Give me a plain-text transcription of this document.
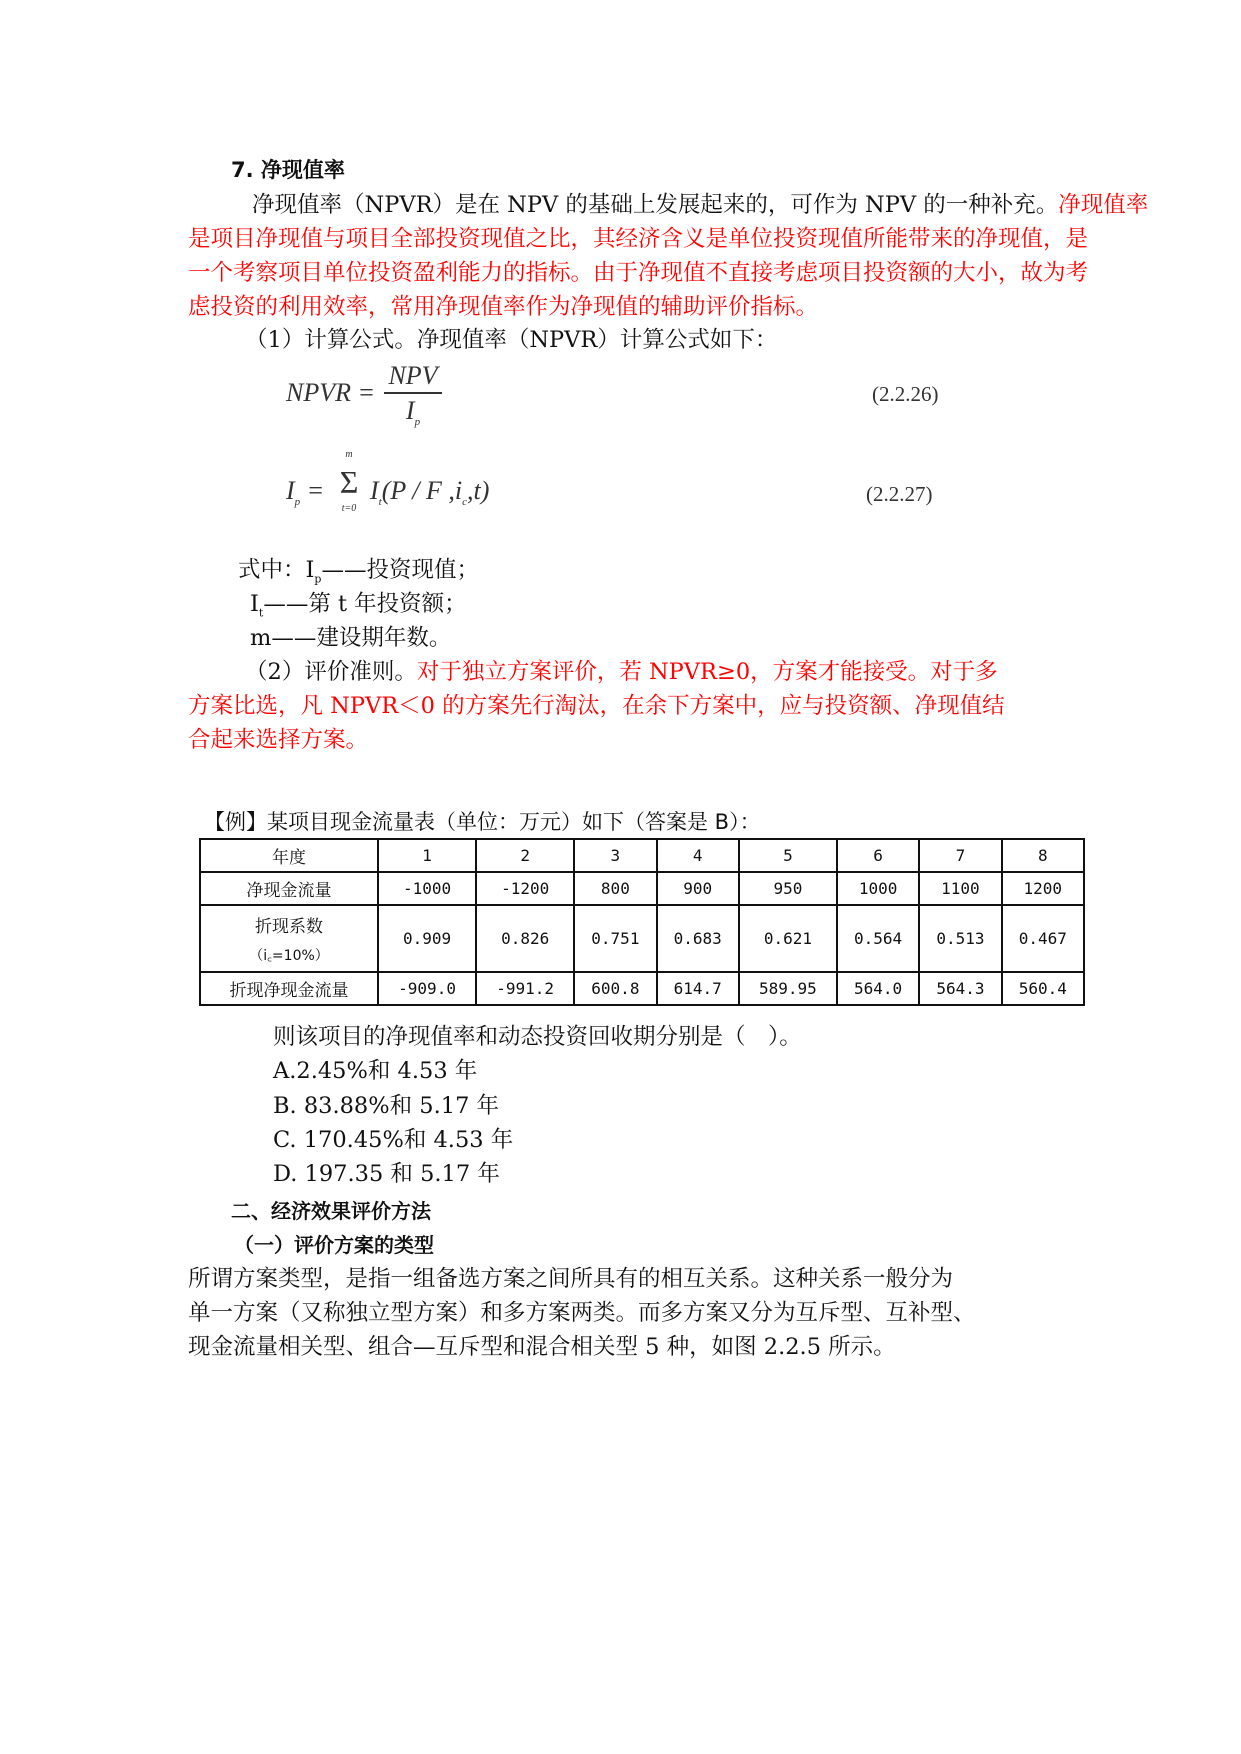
7. 净现值率
净现值率（NPVR）是在 NPV 的基础上发展起来的，可作为 NPV 的一种补充。净现值率
是项目净现值与项目全部投资现值之比，其经济含义是单位投资现值所能带来的净现值，是
一个考察项目单位投资盈利能力的指标。由于净现值不直接考虑项目投资额的大小，故为考
虑投资的利用效率，常用净现值率作为净现值的辅助评价指标。
（1）计算公式。净现值率（NPVR）计算公式如下：
NPVR =
NPV
$I_p$
(2.2.26)
$I_p$ =
m
Σ
t=0
$I_t(P$ / F $,i_c,t$)	(2.2.27)
式中：$I_p——$投资现值；
$I_t——$第 t 年投资额；
m——建设期年数。
（2）评价准则。对于独立方案评价，若 NPVR≥0，方案才能接受。对于多
方案比选，凡 NPVR＜0 的方案先行淘汰，在余下方案中，应与投资额、净现值结
合起来选择方案。
【例】某项目现金流量表（单位：万元）如下（答案是 B）：
年度	1	2	3	4	5	6	7	8
净现金流量	-1000	-1200	800	900	950	1000	1100	1200

折现系数
（i꜀=10%）	0.909	0.826	0.751	0.683	0.621	0.564	0.513	0.467
折现净现金流量	-909.0	-991.2	600.8	614.7	589.95	564.0	564.3	560.4
则该项目的净现值率和动态投资回收期分别是（　）。
A.2.45%和 4.53 年
B. 83.88%和 5.17 年
C. 170.45%和 4.53 年
D. 197.35 和 5.17 年
二、经济效果评价方法
（一）评价方案的类型
所谓方案类型，是指一组备选方案之间所具有的相互关系。这种关系一般分为
单一方案（又称独立型方案）和多方案两类。而多方案又分为互斥型、互补型、
现金流量相关型、组合—互斥型和混合相关型 5 种，如图 2.2.5 所示。
